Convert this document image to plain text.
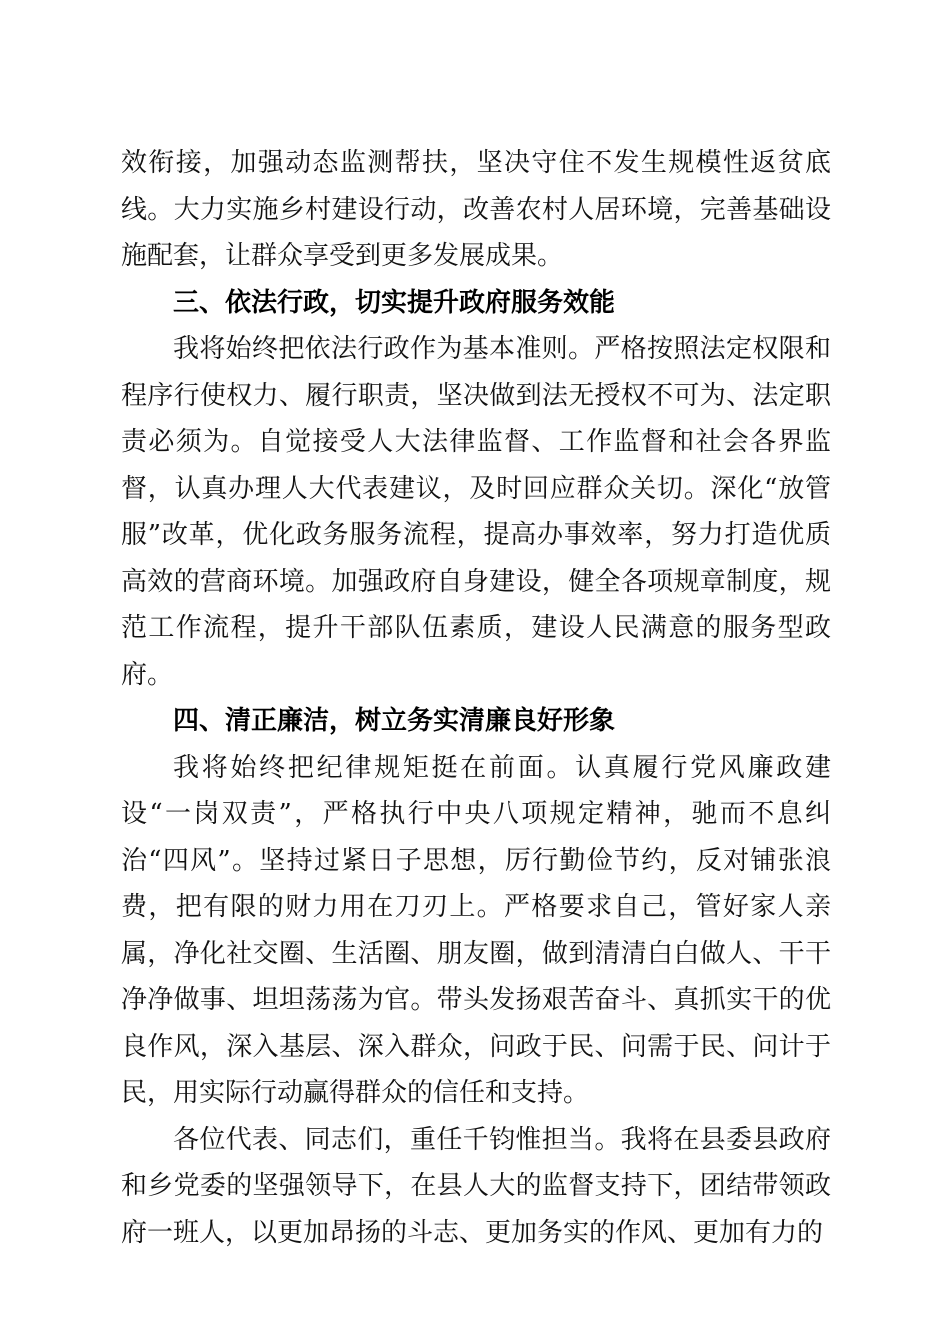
效衔接，加强动态监测帮扶，坚决守住不发生规模性返贫底线。大力实施乡村建设行动，改善农村人居环境，完善基础设施配套，让群众享受到更多发展成果。

三、依法行政，切实提升政府服务效能

我将始终把依法行政作为基本准则。严格按照法定权限和程序行使权力、履行职责，坚决做到法无授权不可为、法定职责必须为。自觉接受人大法律监督、工作监督和社会各界监督，认真办理人大代表建议，及时回应群众关切。深化“放管服”改革，优化政务服务流程，提高办事效率，努力打造优质高效的营商环境。加强政府自身建设，健全各项规章制度，规范工作流程，提升干部队伍素质，建设人民满意的服务型政府。

四、清正廉洁，树立务实清廉良好形象

我将始终把纪律规矩挺在前面。认真履行党风廉政建设“一岗双责”，严格执行中央八项规定精神，驰而不息纠治“四风”。坚持过紧日子思想，厉行勤俭节约，反对铺张浪费，把有限的财力用在刀刃上。严格要求自己，管好家人亲属，净化社交圈、生活圈、朋友圈，做到清清白白做人、干干净净做事、坦坦荡荡为官。带头发扬艰苦奋斗、真抓实干的优良作风，深入基层、深入群众，问政于民、问需于民、问计于民，用实际行动赢得群众的信任和支持。

各位代表、同志们，重任千钧惟担当。我将在县委县政府和乡党委的坚强领导下，在县人大的监督支持下，团结带领政府一班人，以更加昂扬的斗志、更加务实的作风、更加有力的
